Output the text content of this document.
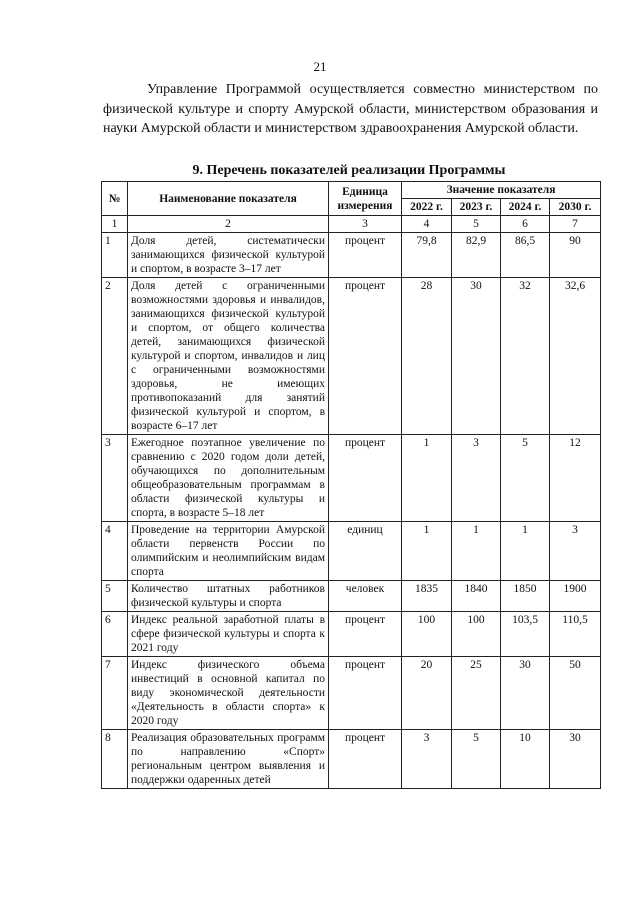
21

Управление Программой осуществляется совместно министерством по физической культуре и спорту Амурской области, министерством образования и науки Амурской области и министерством здравоохранения Амурской области.

9. Перечень показателей реализации Программы
№	Наименование показателя	Единица измерения	Значение показателя			
			2022 г.	2023 г.	2024 г.	2030 г.
1	2	3	4	5	6	7
1	Доля детей, систематически занимающихся физической культурой и спортом, в возрасте 3–17 лет	процент	79,8	82,9	86,5	90
2	Доля детей с ограниченными возможностями здоровья и инвалидов, занимающихся физической культурой и спортом, от общего количества детей, занимающихся физической культурой и спортом, инвалидов и лиц с ограниченными возможностями здоровья, не имеющих противопоказаний для занятий физической культурой и спортом, в возрасте 6–17 лет	процент	28	30	32	32,6
3	Ежегодное поэтапное увеличение по сравнению с 2020 годом доли детей, обучающихся по дополнительным общеобразовательным программам в области физической культуры и спорта, в возрасте 5–18 лет	процент	1	3	5	12
4	Проведение на территории Амурской области первенств России по олимпийским и неолимпийским видам спорта	единиц	1	1	1	3
5	Количество штатных работников физической культуры и спорта	человек	1835	1840	1850	1900
6	Индекс реальной заработной платы в сфере физической культуры и спорта к 2021 году	процент	100	100	103,5	110,5
7	Индекс физического объема инвестиций в основной капитал по виду экономической деятельности «Деятельность в области спорта» к 2020 году	процент	20	25	30	50
8	Реализация образовательных программ по направлению «Спорт» региональным центром выявления и поддержки одаренных детей	процент	3	5	10	30
